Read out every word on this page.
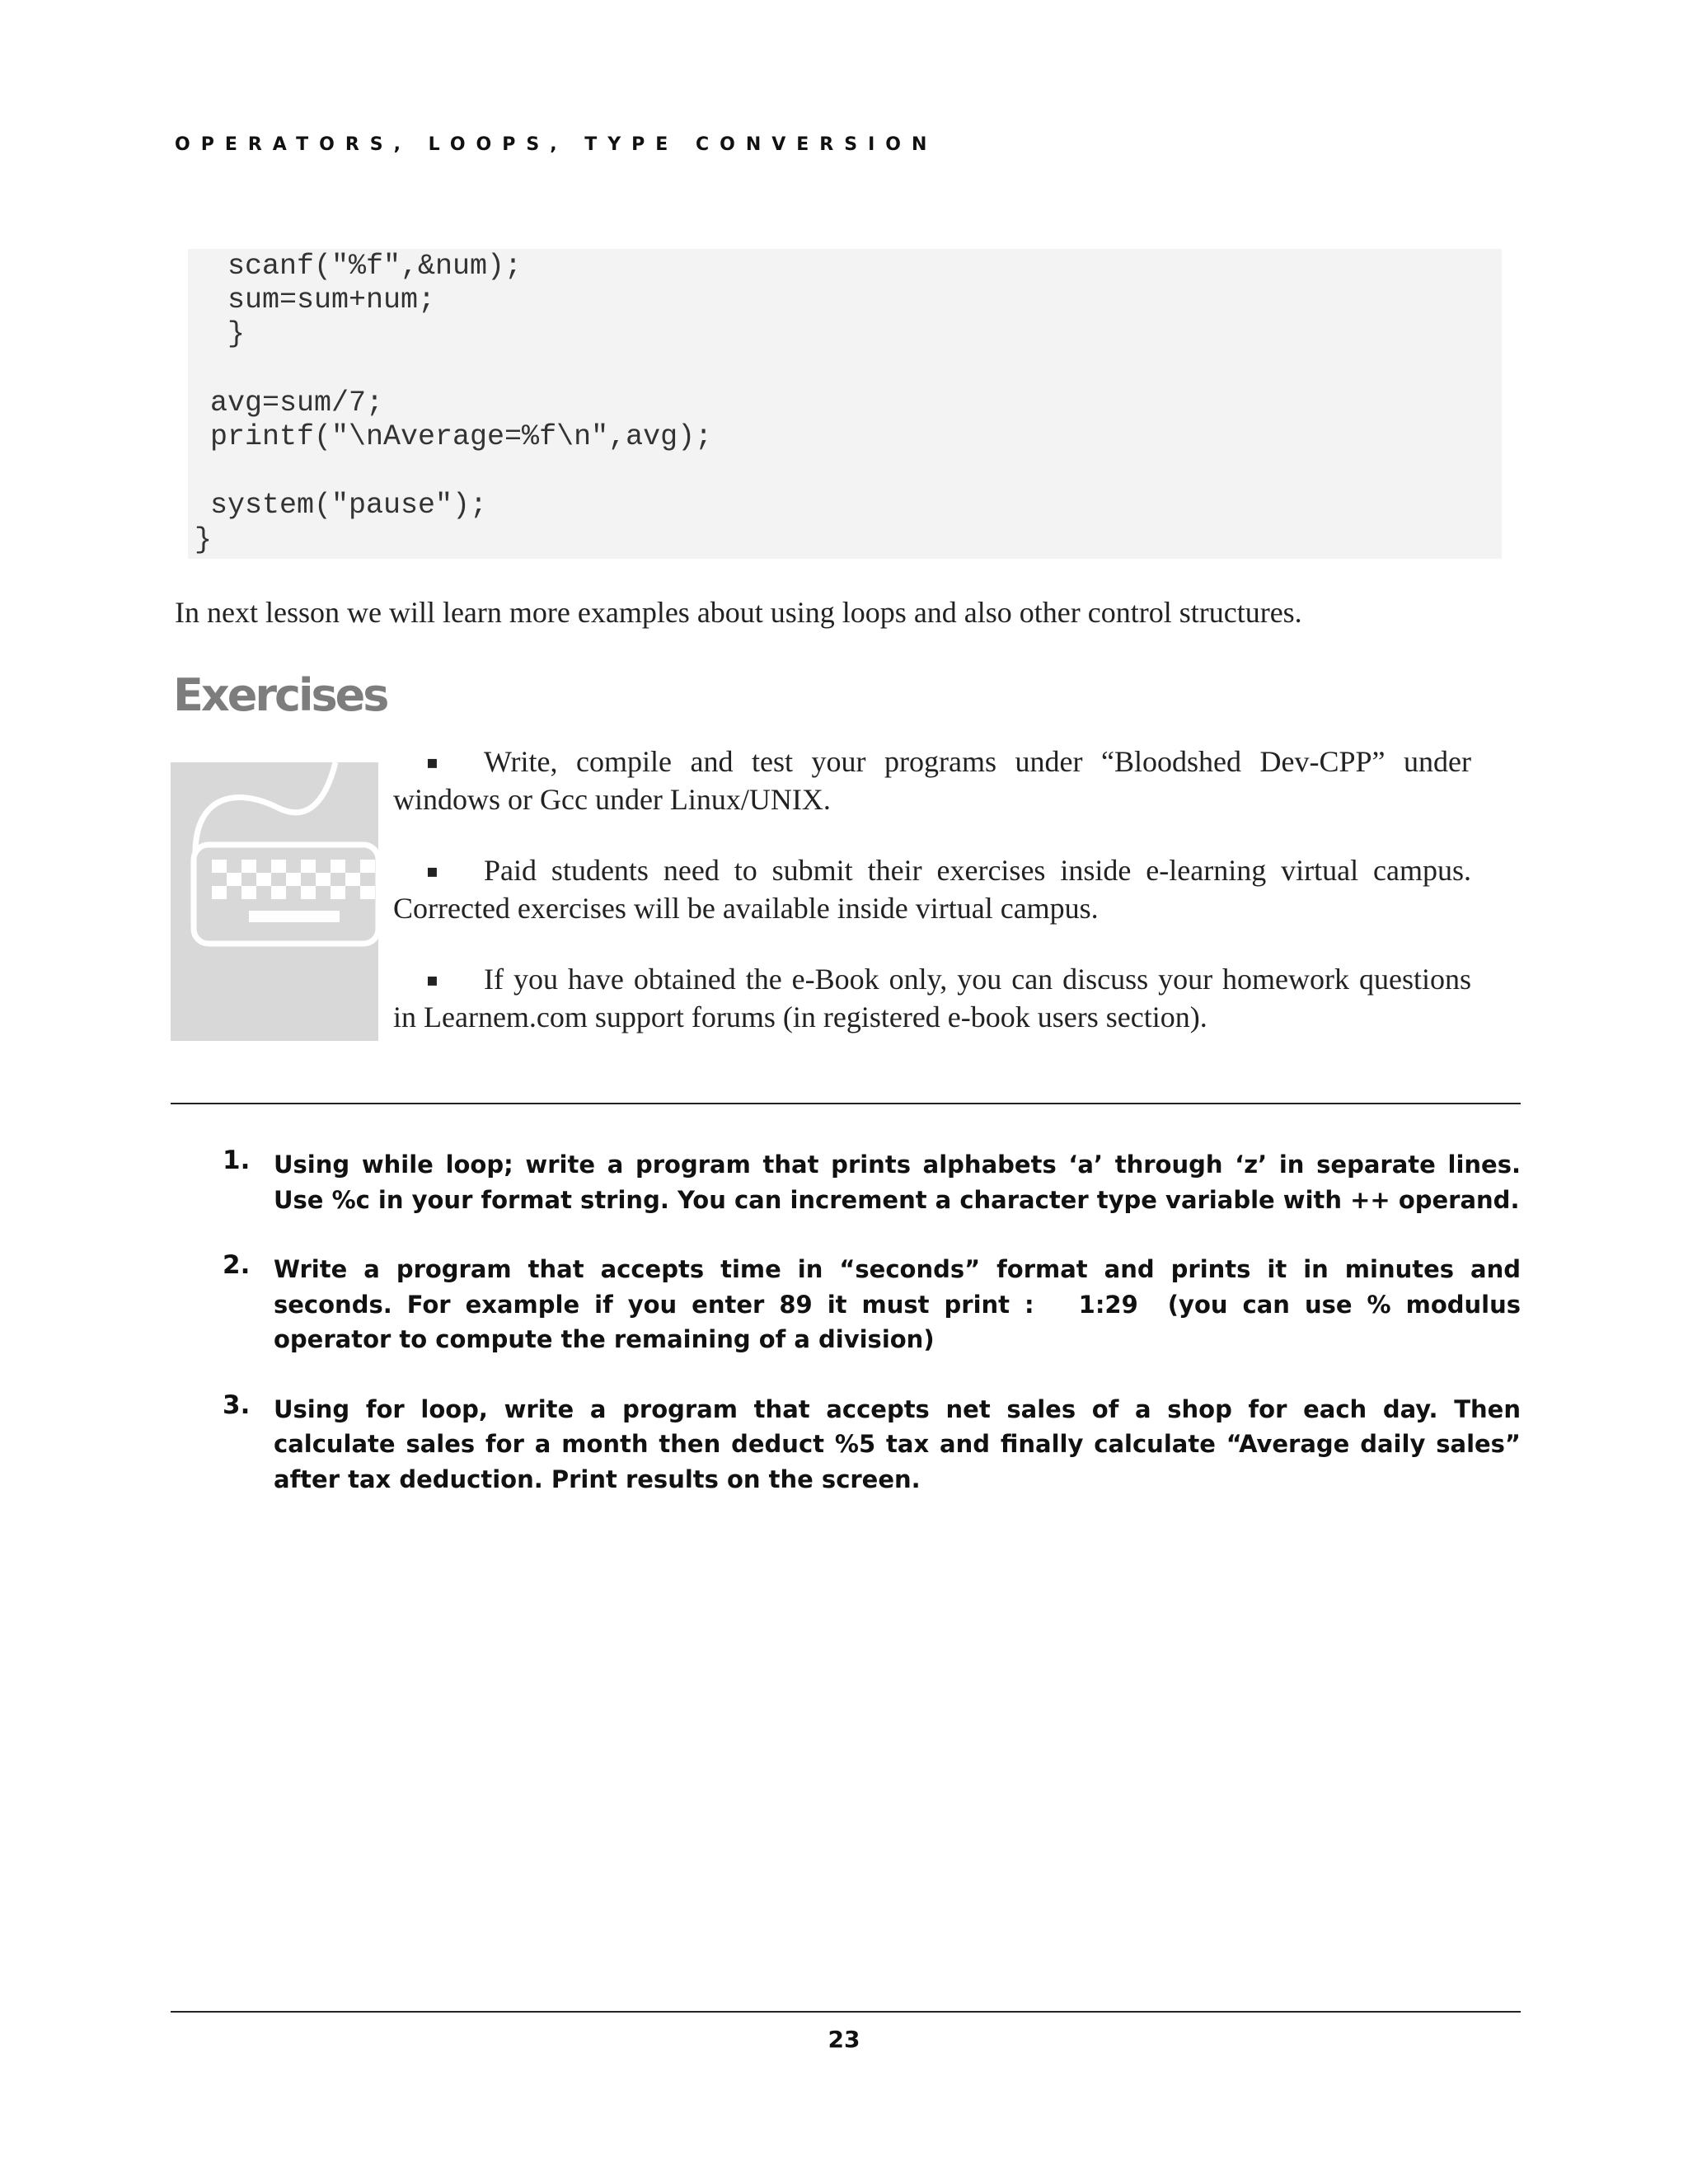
OPERATORS, LOOPS, TYPE CONVERSION
scanf("%f",&num);
sum=sum+num;
}
avg=sum/7;
printf("\nAverage=%f\n",avg);
system("pause");
}
In next lesson we will learn more examples about using loops and also other control structures.
Exercises
▪ Write, compile and test your programs under “Bloodshed Dev-CPP” under windows or Gcc under Linux/UNIX.
▪ Paid students need to submit their exercises inside e-learning virtual campus. Corrected exercises will be available inside virtual campus.
▪ If you have obtained the e-Book only, you can discuss your homework questions in Learnem.com support forums (in registered e-book users section).
1. Using while loop; write a program that prints alphabets ‘a’ through ‘z’ in separate lines. Use %c in your format string. You can increment a character type variable with ++ operand.
2. Write a program that accepts time in “seconds” format and prints it in minutes and seconds. For example if you enter 89 it must print :   1:29  (you can use % modulus operator to compute the remaining of a division)
3. Using for loop, write a program that accepts net sales of a shop for each day. Then calculate sales for a month then deduct %5 tax and finally calculate “Average daily sales” after tax deduction. Print results on the screen.
23
